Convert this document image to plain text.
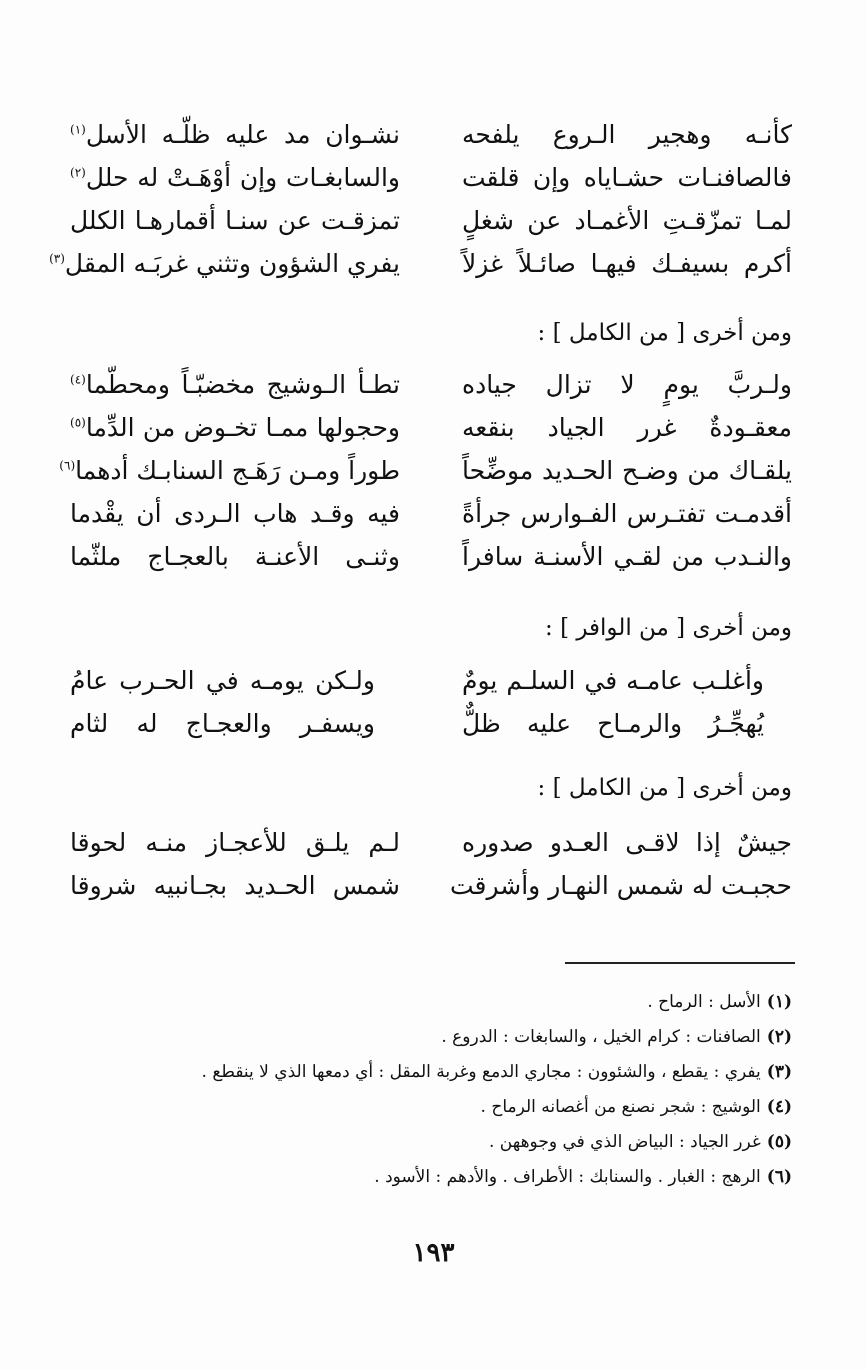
كأنـه وهجير الـروع يلفحه
نشـوان مد عليه ظلّـه الأسل$^{(١)}$
فالصافنـات حشـاياه وإن قلقت
والسابغـات وإن أوْهَـتْ له حلل$^{(٢)}$
لمـا تمزّقـتِ الأغمـاد عن شغلٍ
تمزقـت عن سنـا أقمارهـا الكلل
أكرم بسيفـك فيهـا صائـلاً غزلاً
يفري الشؤون وتثني غربَـه المقل$^{(٣)}$
ومن أخرى [ من الكامل ] :
ولـربَّ يومٍ لا تزال جياده
تطـأ الـوشيج مخضبّـاً ومحطّما$^{(٤)}$
معقـودةٌ غرر الجياد بنقعه
وحجولها ممـا تخـوض من الدِّما$^{(٥)}$
يلقـاك من وضـح الحـديد موضِّحاً
طوراً ومـن رَهَـج السنابـك أدهما$^{(٦)}$
أقدمـت تفتـرس الفـوارس جرأةً
فيه وقـد هاب الـردى أن يقْدما
والنـدب من لقـي الأسنـة سافراً
وثنـى الأعنـة بالعجـاج ملثّما
ومن أخرى [ من الوافر ] :
وأغلـب عامـه في السلـم يومٌ
ولـكن يومـه في الحـرب عامُ
يُهجِّـرُ والرمـاح عليه ظلٌّ
ويسفـر والعجـاج له لثام
ومن أخرى [ من الكامل ] :
جيشٌ إذا لاقـى العـدو صدوره
لـم يلـق للأعجـاز منـه لحوقا
حجبـت له شمس النهـار وأشرقت
شمس الحـديد بجـانبيه شروقا
(١)الأسل : الرماح .
(٢)الصافنات : كرام الخيل ، والسابغات : الدروع .
(٣)يفري : يقطع ، والشئوون : مجاري الدمع وغربة المقل : أي دمعها الذي لا ينقطع .
(٤)الوشيج : شجر نصنع من أغصانه الرماح .
(٥)غرر الجياد : البياض الذي في وجوههن .
(٦)الرهج : الغبار . والسنابك : الأطراف . والأدهم : الأسود .
١٩٣
